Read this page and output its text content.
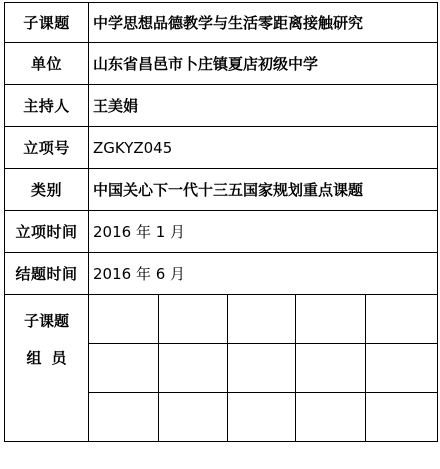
子课题	中学思想品德教学与生活零距离接触研究				
单位	山东省昌邑市卜庄镇夏店初级中学				
主持人	王美娟				
立项号	ZGKYZ045				
类别	中国关心下一代十三五国家规划重点课题				
立项时间	2016 年 1 月				
结题时间	2016 年 6 月				

子课题
组员					
